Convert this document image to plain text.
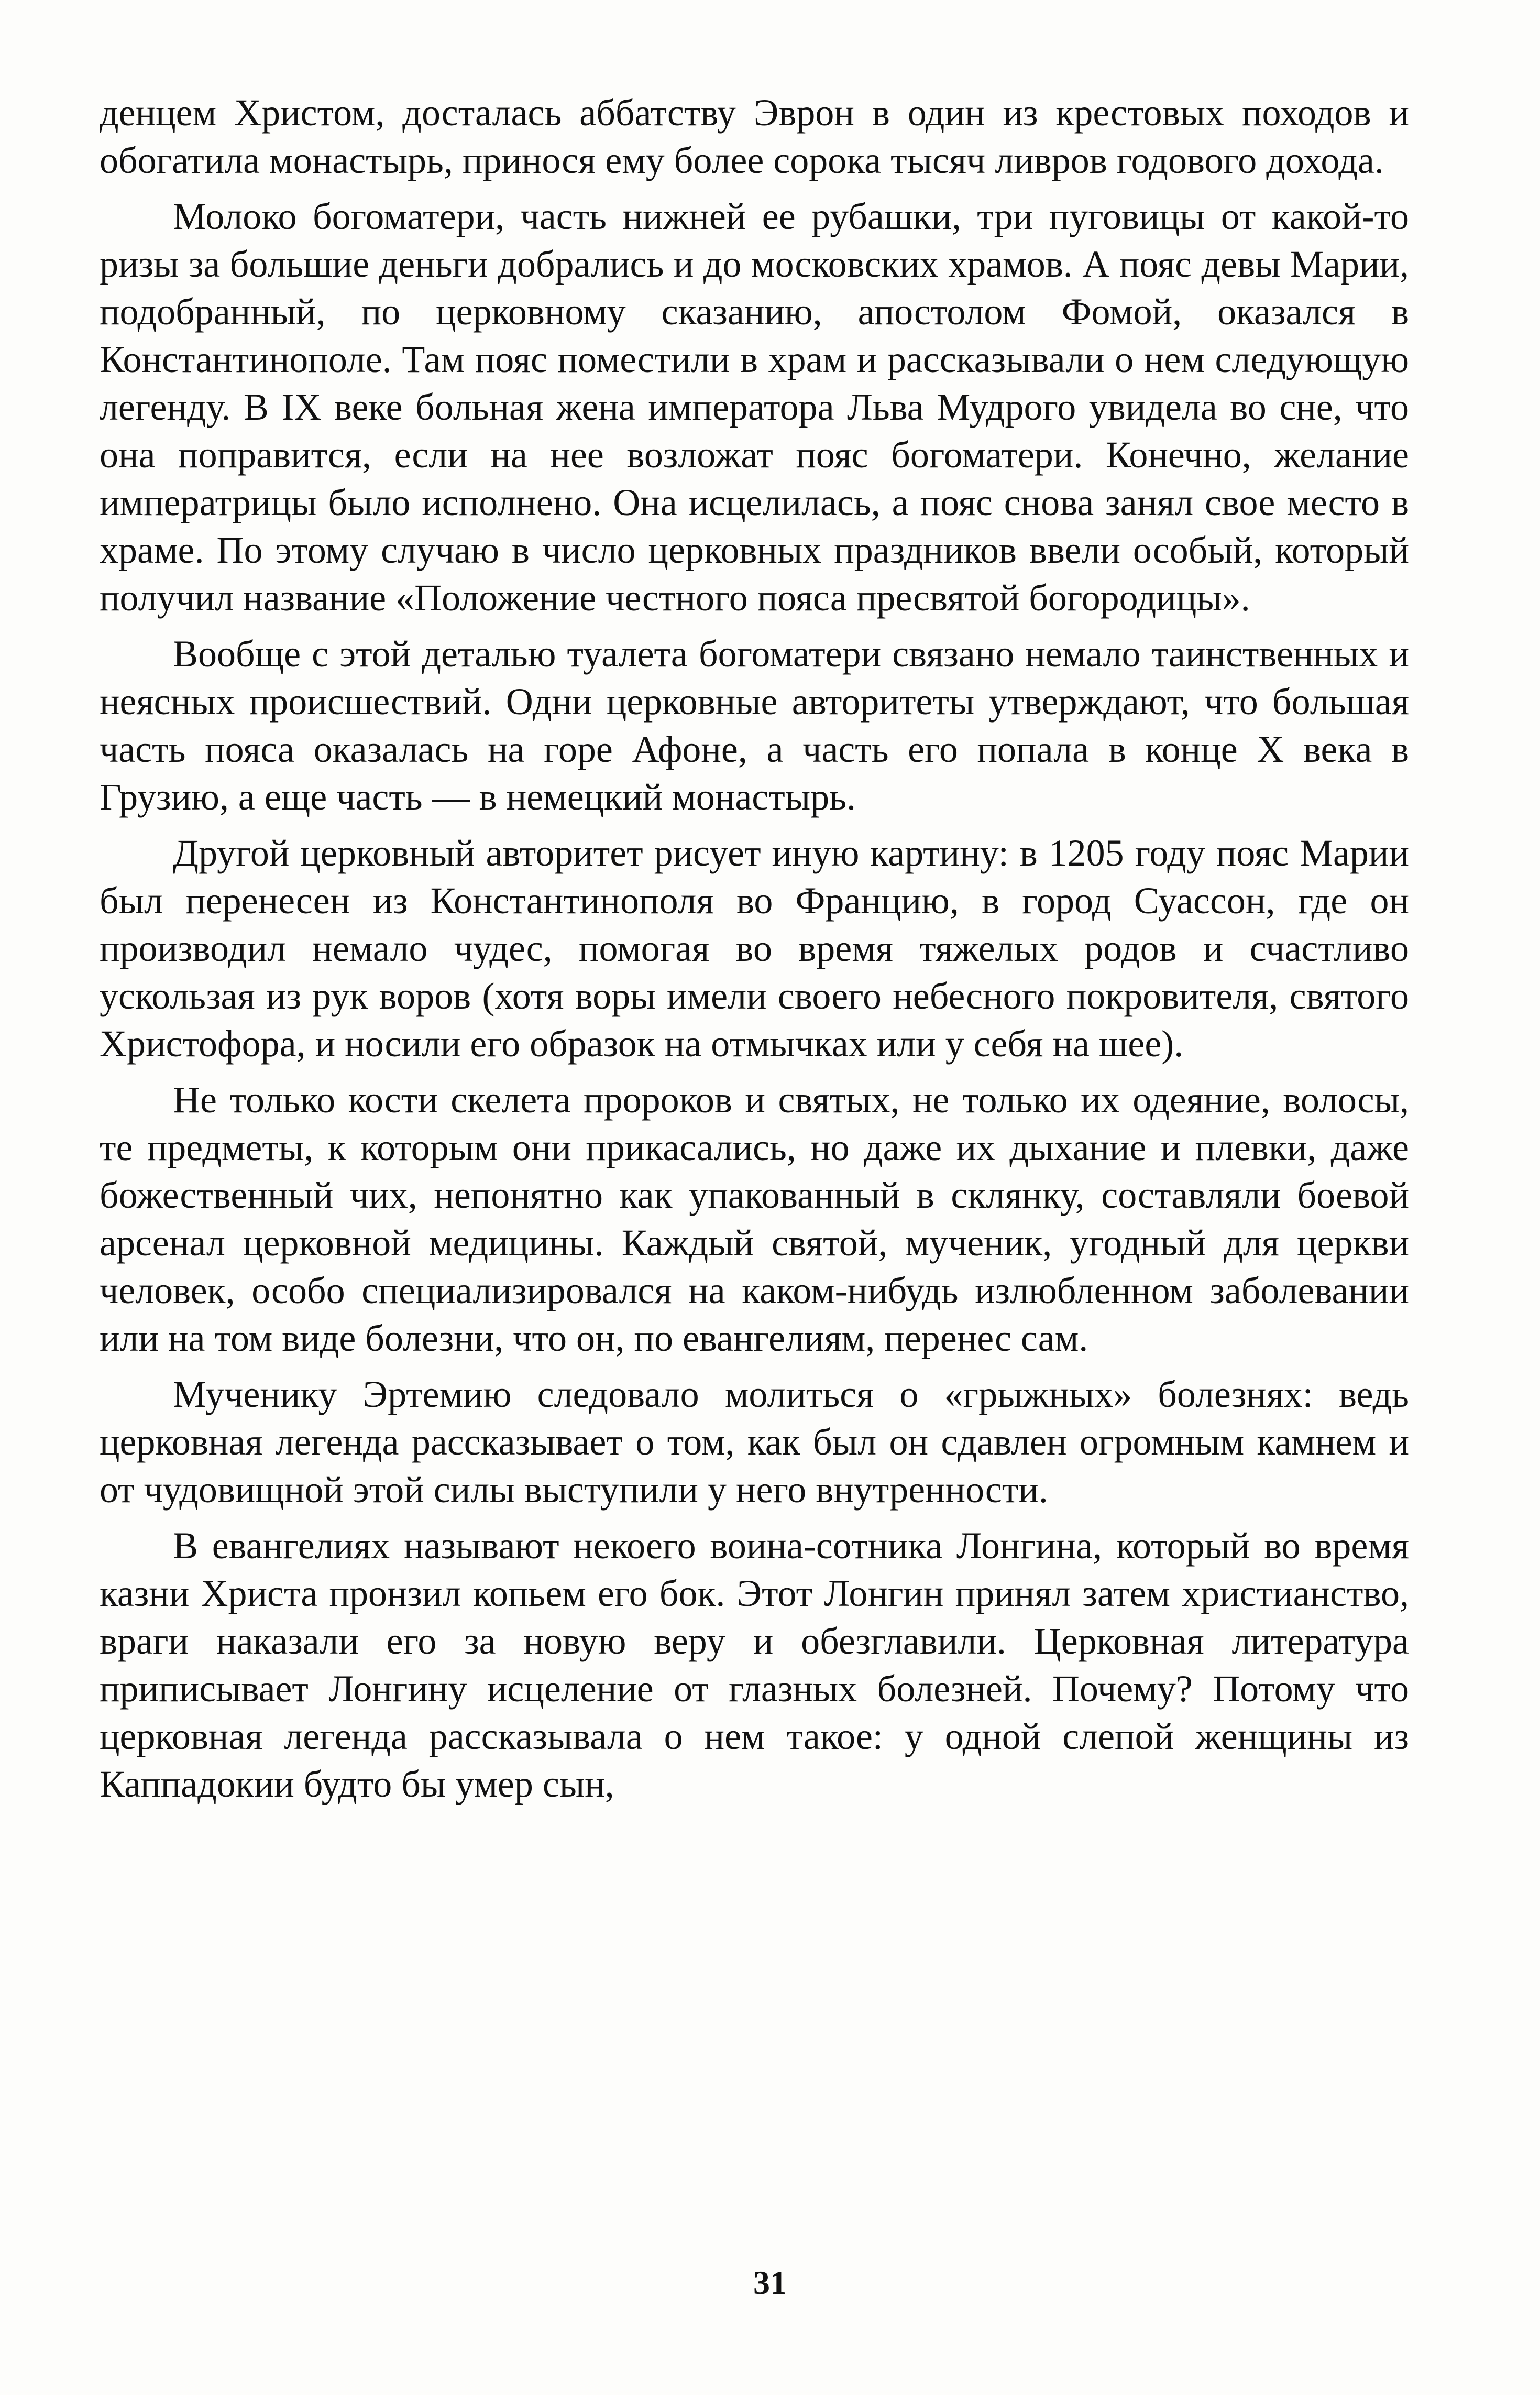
денцем Христом, досталась аббатству Эврон в один из крестовых походов и обогатила монастырь, принося ему более сорока тысяч ливров годового дохода.

Молоко богоматери, часть нижней ее рубашки, три пуговицы от какой-то ризы за большие деньги добрались и до московских храмов. А пояс девы Марии, подобранный, по церковному сказанию, апостолом Фомой, оказался в Константинополе. Там пояс поместили в храм и рассказывали о нем следующую легенду. В IX веке больная жена императора Льва Мудрого увидела во сне, что она поправится, если на нее возложат пояс богоматери. Конечно, желание императрицы было исполнено. Она исцелилась, а пояс снова занял свое место в храме. По этому случаю в число церковных праздников ввели особый, который получил название «Положение честного пояса пресвятой богородицы».

Вообще с этой деталью туалета богоматери связано немало таинственных и неясных происшествий. Одни церковные авторитеты утверждают, что большая часть пояса оказалась на горе Афоне, а часть его попала в конце X века в Грузию, а еще часть — в немецкий монастырь.

Другой церковный авторитет рисует иную картину: в 1205 году пояс Марии был перенесен из Константинополя во Францию, в город Суассон, где он производил немало чудес, помогая во время тяжелых родов и счастливо ускользая из рук воров (хотя воры имели своего небесного покровителя, святого Христофора, и носили его образок на отмычках или у себя на шее).

Не только кости скелета пророков и святых, не только их одеяние, волосы, те предметы, к которым они прикасались, но даже их дыхание и плевки, даже божественный чих, непонятно как упакованный в склянку, составляли боевой арсенал церковной медицины. Каждый святой, мученик, угодный для церкви человек, особо специализировался на каком-нибудь излюбленном заболевании или на том виде болезни, что он, по евангелиям, перенес сам.

Мученику Эртемию следовало молиться о «грыжных» болезнях: ведь церковная легенда рассказывает о том, как был он сдавлен огромным камнем и от чудовищной этой силы выступили у него внутренности.

В евангелиях называют некоего воина-сотника Лонгина, который во время казни Христа пронзил копьем его бок. Этот Лонгин принял затем христианство, враги наказали его за новую веру и обезглавили. Церковная литература приписывает Лонгину исцеление от глазных болезней. Почему? Потому что церковная легенда рассказывала о нем такое: у одной слепой женщины из Каппадокии будто бы умер сын,

31
